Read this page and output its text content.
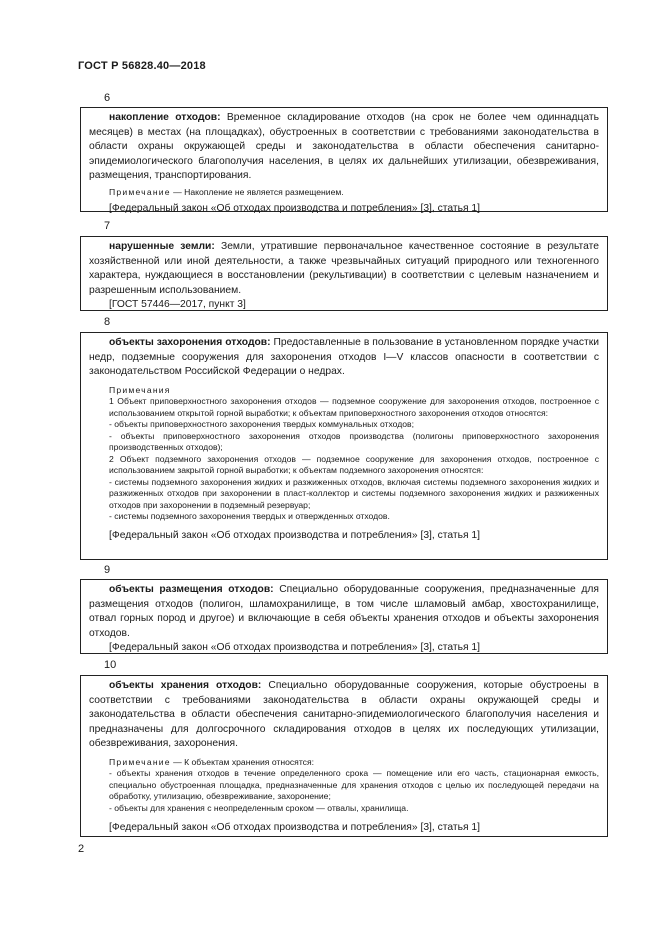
ГОСТ Р 56828.40—2018
6

накопление отходов: Временное складирование отходов (на срок не более чем одиннадцать месяцев) в местах (на площадках), обустроенных в соответствии с требованиями законодательства в области охраны окружающей среды и законодательства в области обеспечения санитарно-эпидемиологического благополучия населения, в целях их дальнейших утилизации, обезвреживания, размещения, транспортирования.

Примечание — Накопление не является размещением.

[Федеральный закон «Об отходах производства и потребления» [3], статья 1]

7

нарушенные земли: Земли, утратившие первоначальное качественное состояние в результате хозяйственной или иной деятельности, а также чрезвычайных ситуаций природного или техногенного характера, нуждающиеся в восстановлении (рекультивации) в соответствии с целевым назначением и разрешенным использованием.

[ГОСТ 57446—2017, пункт 3]

8

объекты захоронения отходов: Предоставленные в пользование в установленном порядке участки недр, подземные сооружения для захоронения отходов I—V классов опасности в соответствии с законодательством Российской Федерации о недрах.

Примечания

1 Объект приповерхностного захоронения отходов — подземное сооружение для захоронения отходов, построенное с использованием открытой горной выработки; к объектам приповерхностного захоронения отходов относятся:

- объекты приповерхностного захоронения твердых коммунальных отходов;

- объекты приповерхностного захоронения отходов производства (полигоны приповерхностного захоронения производственных отходов);

2 Объект подземного захоронения отходов — подземное сооружение для захоронения отходов, построенное с использованием закрытой горной выработки; к объектам подземного захоронения относятся:

- системы подземного захоронения жидких и разжиженных отходов, включая системы подземного захоронения жидких и разжиженных отходов при захоронении в пласт-коллектор и системы подземного захоронения жидких и разжиженных отходов при захоронении в подземный резервуар;

- системы подземного захоронения твердых и отвержденных отходов.

[Федеральный закон «Об отходах производства и потребления» [3], статья 1]

9

объекты размещения отходов: Специально оборудованные сооружения, предназначенные для размещения отходов (полигон, шламохранилище, в том числе шламовый амбар, хвостохранилище, отвал горных пород и другое) и включающие в себя объекты хранения отходов и объекты захоронения отходов.

[Федеральный закон «Об отходах производства и потребления» [3], статья 1]

10

объекты хранения отходов: Специально оборудованные сооружения, которые обустроены в соответствии с требованиями законодательства в области охраны окружающей среды и законодательства в области обеспечения санитарно-эпидемиологического благополучия населения и предназначены для долгосрочного складирования отходов в целях их последующих утилизации, обезвреживания, захоронения.

Примечание — К объектам хранения относятся:

- объекты хранения отходов в течение определенного срока — помещение или его часть, стационарная емкость, специально обустроенная площадка, предназначенные для хранения отходов с целью их последующей передачи на обработку, утилизацию, обезвреживание, захоронение;

- объекты для хранения с неопределенным сроком — отвалы, хранилища.

[Федеральный закон «Об отходах производства и потребления» [3], статья 1]

2
